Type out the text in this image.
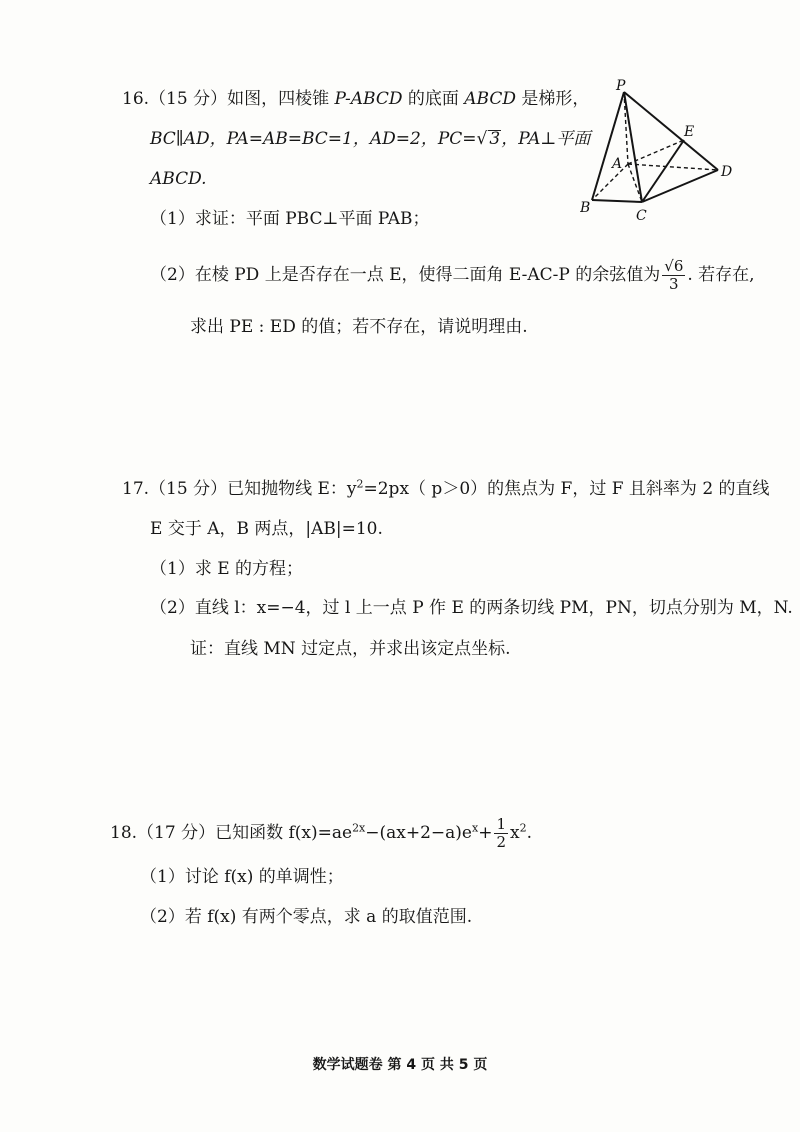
16.（15 分）如图，四棱锥 P-ABCD 的底面 ABCD 是梯形，
BC∥AD，PA=AB=BC=1，AD=2，PC=√ 3，PA⊥平面
ABCD.
（1）求证：平面 PBC⊥平面 PAB；
（2）在棱 PD 上是否存在一点 E，使得二面角 E-AC-P 的余弦值为 $\frac{√6}{3}$ . 若存在,
求出 PE : ED 的值；若不存在，请说明理由.
P
E
A	D
B	C
17.（15 分）已知抛物线 E：$y^2=2px$（ p＞0）的焦点为 F，过 F 且斜率为 2 的直线
E 交于 A，B 两点，|AB|=10.
（1）求 E 的方程；
（2）直线 l：x=−4，过 l 上一点 P 作 E 的两条切线 PM，PN，切点分别为 M，N.
证：直线 MN 过定点，并求出该定点坐标.
18.（17 分）已知函数 $f(x)=ae^{2x}-(ax+2-a)e^x+ \frac{1}{2} x^2$.
（1）讨论 f(x) 的单调性；
（2）若 f(x) 有两个零点，求 a 的取值范围.
数学试题卷 第 4 页 共 5 页
